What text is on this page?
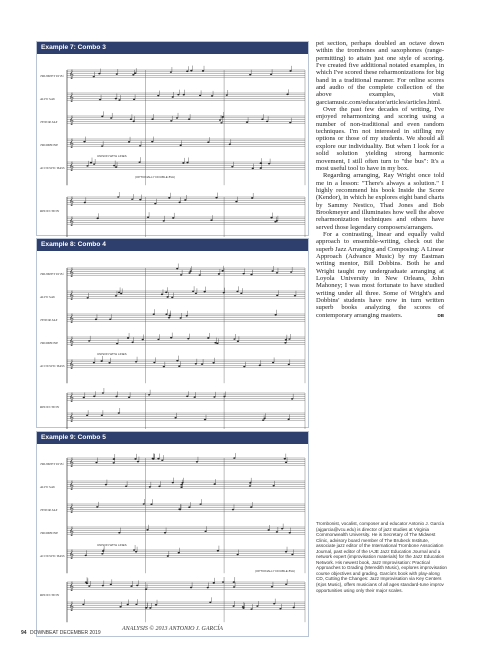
Example 7: Combo 3
𝄞
𝄞
𝄞
𝄞
𝄞
𝄞
𝄞
TRUMPET IN B♭
ALTO SAX
TENOR SAX
TROMBONE
ACOUSTIC BASS
REDUCTION
(OPTIONALLY DOUBLE 8VA)
UNISON WITH LINES
Example 8: Combo 4
𝄞
𝄞
𝄞
𝄞
𝄞
𝄞
𝄞
TRUMPET IN B♭
ALTO SAX
TENOR SAX
TROMBONE
ACOUSTIC BASS
REDUCTION
UNISON WITH LINES
Example 9: Combo 5
𝄞
𝄞
𝄞
𝄞
𝄞
𝄞
𝄞
TRUMPET IN B♭
ALTO SAX
TENOR SAX
TROMBONE
ACOUSTIC BASS
REDUCTION
(OPTIONALLY DOUBLE 8VA)
UNISON WITH LINES
ANALYSIS © 2013 ANTONIO J. GARCÍA

pet section, perhaps doubled an octave down within the trombones and saxophones (range-permitting) to attain just one style of scoring. I've created five additional notated examples, in which I've scored these reharmonizations for big band in a traditional manner. For online scores and audio of the complete collection of the above examples, visit garciamusic.com/educator/articles/articles.html.

Over the past few decades of writing, I've enjoyed reharmonizing and scoring using a number of non-traditional and even random techniques. I'm not interested in stifling my options or those of my students. We should all explore our individuality. But when I look for a solid solution yielding strong harmonic movement, I still often turn to "the bus": It's a most useful tool to have in my box.

Regarding arranging, Ray Wright once told me in a lesson: "There's always a solution." I highly recommend his book Inside the Score (Kendor), in which he explores eight band charts by Sammy Nestico, Thad Jones and Bob Brookmeyer and illuminates how well the above reharmonization techniques and others have served those legendary composers/arrangers.

For a contrasting, linear and equally valid approach to ensemble-writing, check out the superb Jazz Arranging and Composing: A Linear Approach (Advance Music) by my Eastman writing mentor, Bill Dobbins. Both he and Wright taught my undergraduate arranging at Loyola University in New Orleans, John Mahoney; I was most fortunate to have studied writing under all three. Some of Wright's and Dobbins' students have now in turn written superb books analyzing the scores of contemporary arranging masters. DB

Trombonist, vocalist, composer and educator Antonio J. García (ajgarcia@vcu.edu) is director of jazz studies at Virginia Commonwealth University. He is Secretary of The Midwest Clinic, advisory board member of The Brubeck Institute, associate jazz editor of the International Trombone Association Journal, past editor of the IAJE Jazz Education Journal and a network expert (improvisation materials) for the Jazz Education Network. His newest book, Jazz Improvisation: Practical Approaches to Grading (Meredith Music), explores improvisation course objectives and grading. García's book with play-along CD, Cutting the Changes: Jazz Improvisation via Key Centers (Kjos Music), offers musicians of all ages standard-tune improv opportunities using only their major scales.
94 DOWNBEAT DECEMBER 2019
